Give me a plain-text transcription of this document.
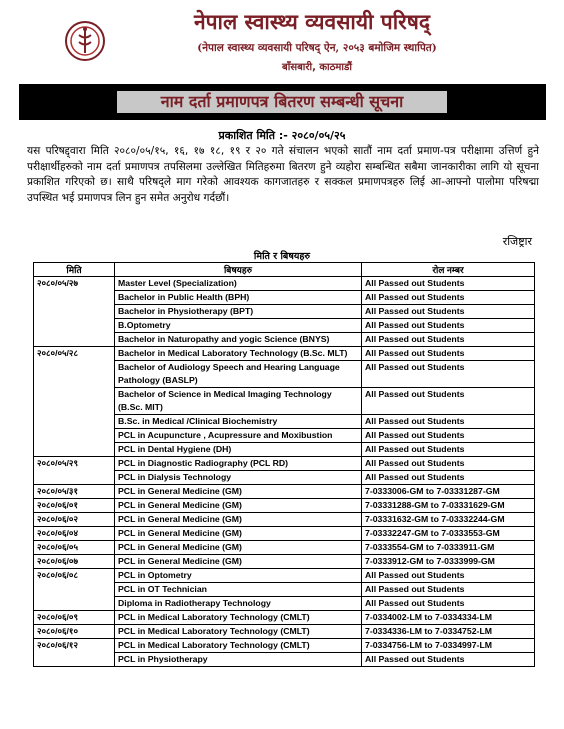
नेपाल स्वास्थ्य व्यवसायी परिषद्
(नेपाल स्वास्थ्य व्यवसायी परिषद् ऐन, २०५३ बमोजिम स्थापित)
बाँसबारी, काठमाडौं
नाम दर्ता प्रमाणपत्र बितरण सम्बन्धी सूचना
प्रकाशित मिति :- २०८०/०५/२५
यस परिषद्द्वारा मिति २०८०/०५/१५, १६, १७ १८, १९ र २० गते संचालन भएको सातौं नाम दर्ता प्रमाण-पत्र परीक्षामा उत्तिर्ण हुने परीक्षार्थीहरुको नाम दर्ता प्रमाणपत्र तपसिलमा उल्लेखित मितिहरुमा बितरण हुने व्यहोरा सम्बन्धित सबैमा जानकारीका लागि यो सूचना प्रकाशित गरिएको छ। साथै परिषद्ले माग गरेको आवश्यक कागजातहरु र सक्कल प्रमाणपत्रहरु लिई आ-आफ्नो पालोमा परिषद्मा उपस्थित भई प्रमाणपत्र लिन हुन समेत अनुरोध गर्दछौं।
रजिष्ट्रार
मिति र बिषयहरु
मिति	बिषयहरु	रोल नम्बर
२०८०/०५/२७	Master Level (Specialization)	All Passed out Students
	Bachelor in Public Health (BPH)	All Passed out Students
	Bachelor in Physiotherapy (BPT)	All Passed out Students
	B.Optometry	All Passed out Students
	Bachelor in Naturopathy and yogic Science (BNYS)	All Passed out Students
२०८०/०५/२८	Bachelor in Medical Laboratory Technology (B.Sc. MLT)	All Passed out Students
	Bachelor of Audiology Speech and Hearing Language Pathology (BASLP)	All Passed out Students
	Bachelor of Science in Medical Imaging Technology (B.Sc. MIT)	All Passed out Students
	B.Sc. in Medical /Clinical Biochemistry	All Passed out Students
	PCL in Acupuncture , Acupressure and Moxibustion	All Passed out Students
	PCL in Dental Hygiene (DH)	All Passed out Students
२०८०/०५/२९	PCL in Diagnostic Radiography (PCL RD)	All Passed out Students
	PCL in Dialysis Technology	All Passed out Students
२०८०/०५/३१	PCL in General Medicine (GM)	7-0333006-GM to 7-03331287-GM
२०८०/०६/०१	PCL in General Medicine (GM)	7-03331288-GM to 7-03331629-GM
२०८०/०६/०२	PCL in General Medicine (GM)	7-03331632-GM to 7-03332244-GM
२०८०/०६/०४	PCL in General Medicine (GM)	7-03332247-GM to 7-0333553-GM
२०८०/०६/०५	PCL in General Medicine (GM)	7-0333554-GM to 7-0333911-GM
२०८०/०६/०७	PCL in General Medicine (GM)	7-0333912-GM to 7-0333999-GM
२०८०/०६/०८	PCL in Optometry	All Passed out Students
	PCL in OT Technician	All Passed out Students
	Diploma in Radiotherapy Technology	All Passed out Students
२०८०/०६/०९	PCL in Medical Laboratory Technology (CMLT)	7-0334002-LM to 7-0334334-LM
२०८०/०६/१०	PCL in Medical Laboratory Technology (CMLT)	7-0334336-LM to 7-0334752-LM
२०८०/०६/१२	PCL in Medical Laboratory Technology (CMLT)	7-0334756-LM to 7-0334997-LM
	PCL in Physiotherapy	All Passed out Students
